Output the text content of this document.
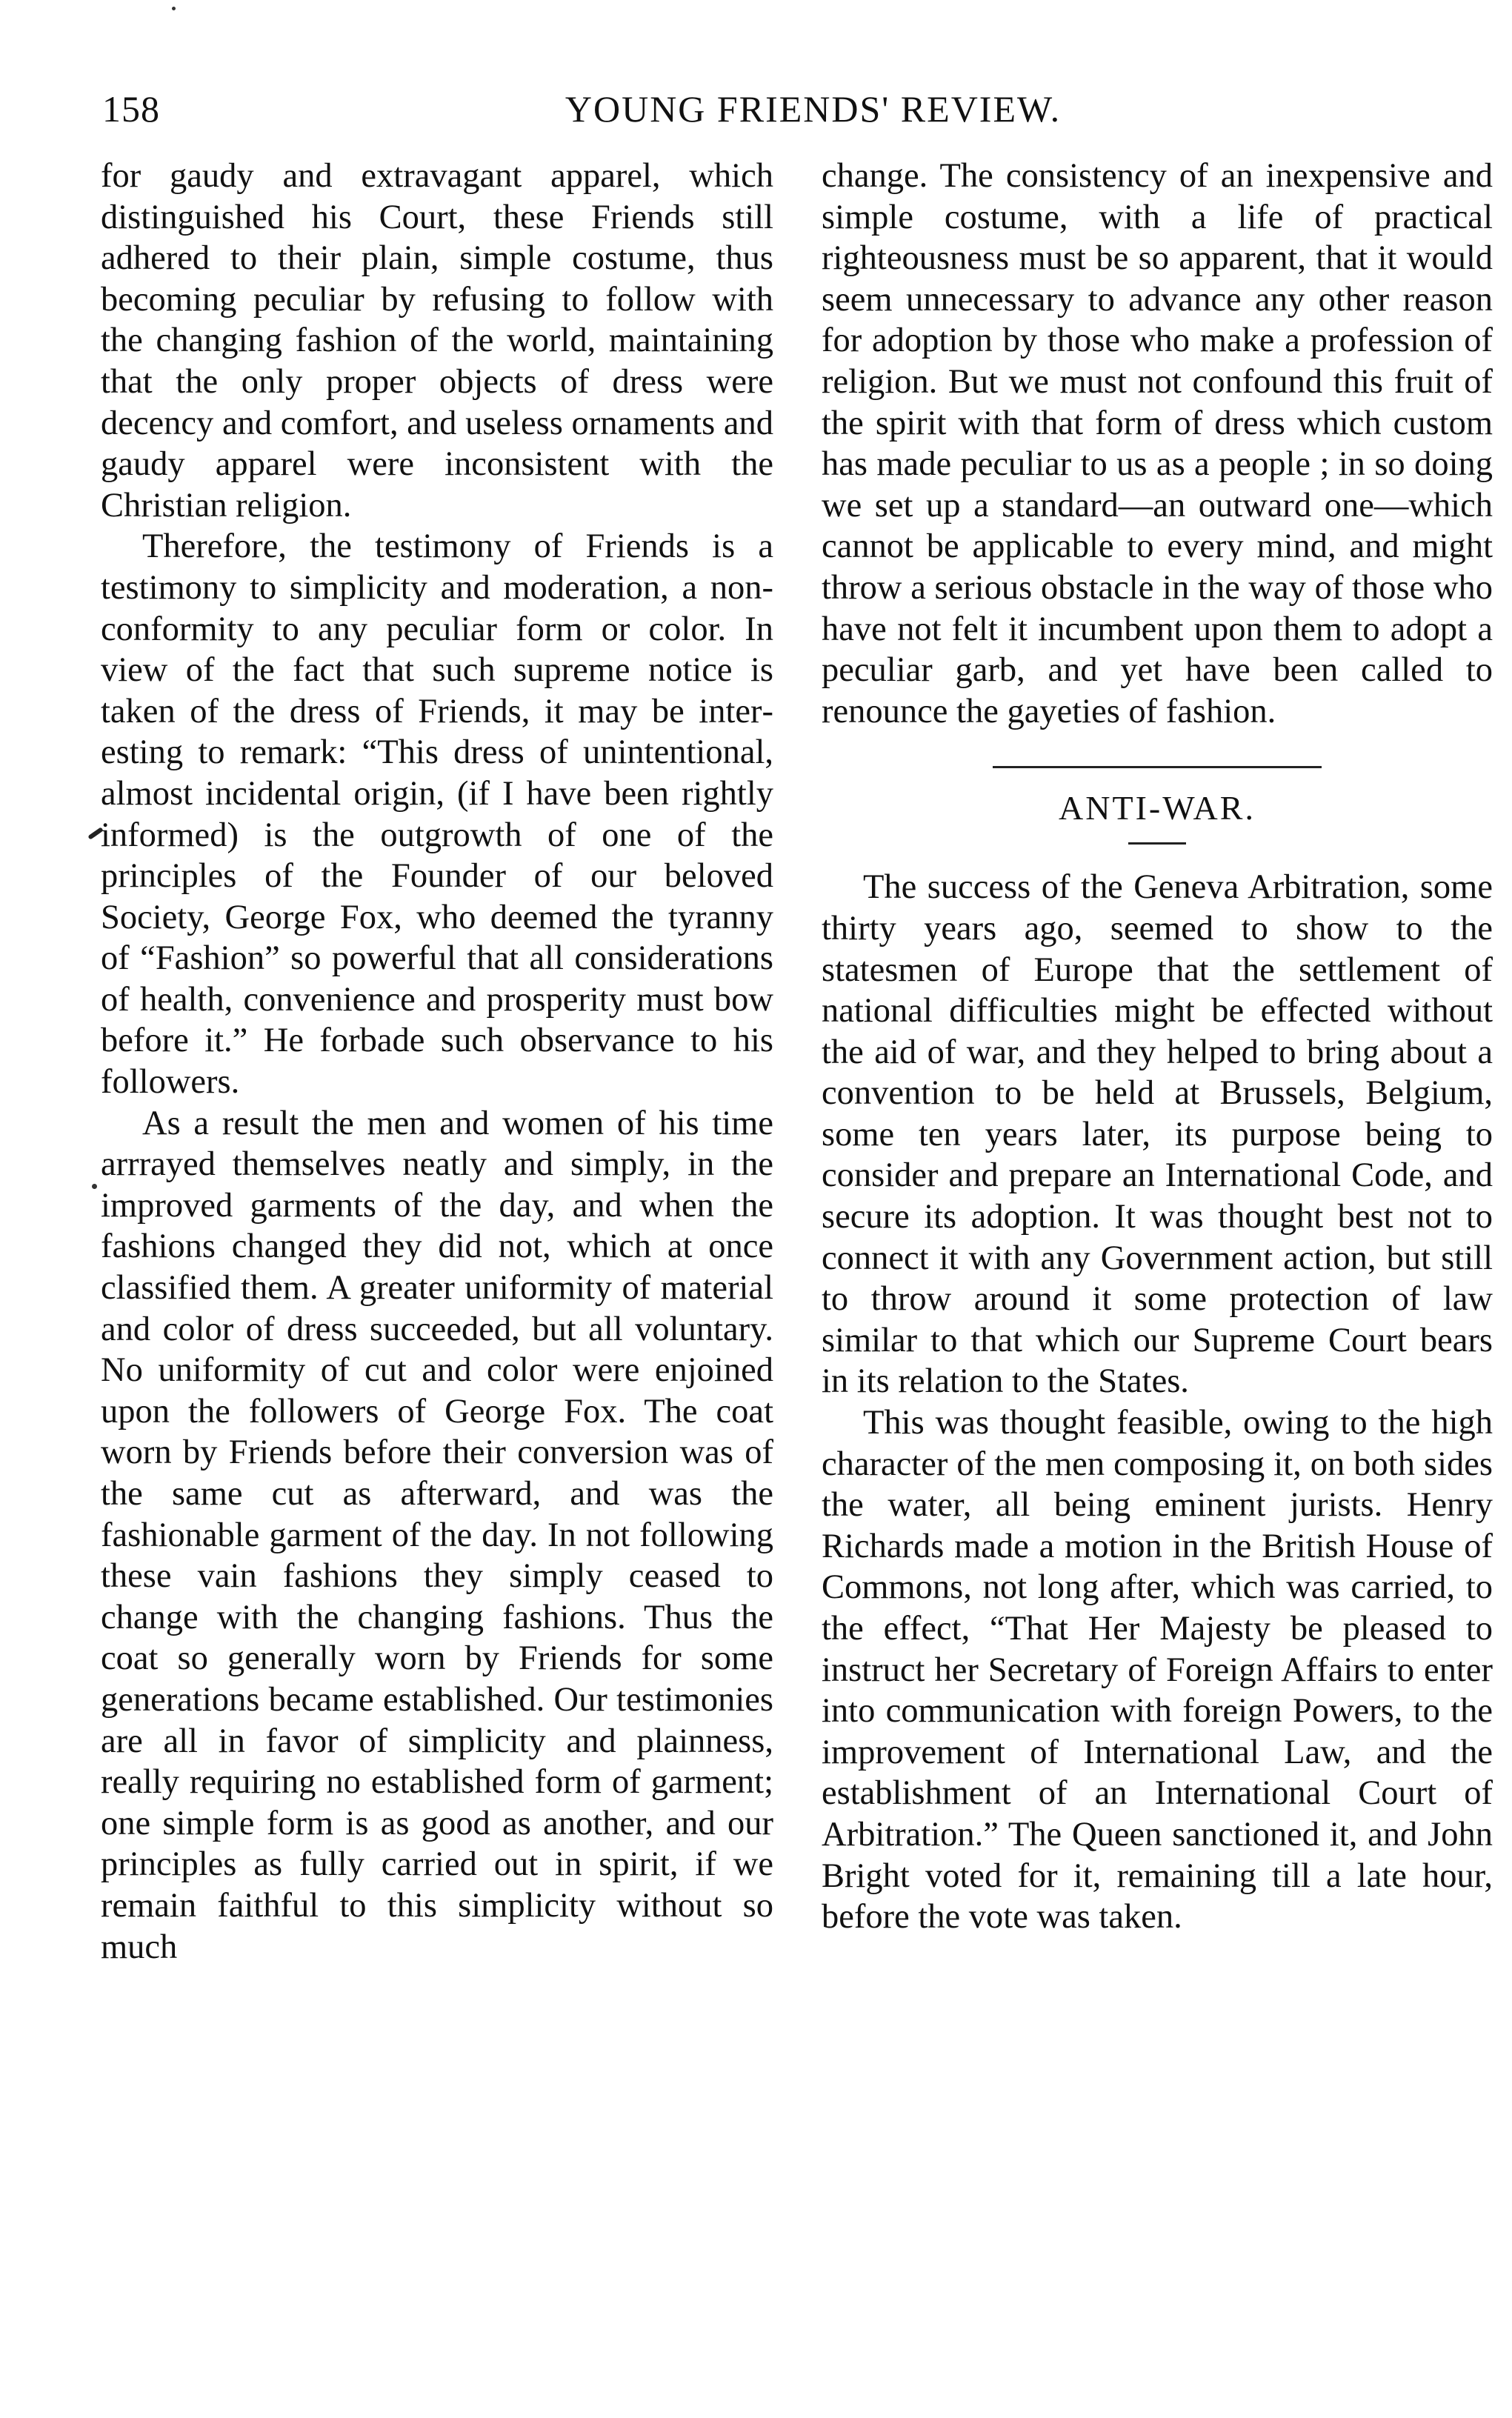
158	YOUNG FRIENDS' REVIEW.

for gaudy and extravagant apparel, which distinguished his Court, these Friends still adhered to their plain, simple costume, thus becoming peculiar by refusing to follow with the changing fashion of the world, maintaining that the only proper objects of dress were decency and comfort, and useless ornaments and gaudy apparel were inconsistent with the Christian religion.

Therefore, the testimony of Friends is a testimony to simplicity and moderation, a non-conformity to any peculiar form or color. In view of the fact that such supreme notice is taken of the dress of Friends, it may be interesting to remark: “This dress of unintentional, almost incidental origin, (if I have been rightly informed) is the outgrowth of one of the principles of the Founder of our beloved Society, George Fox, who deemed the tyranny of “Fashion” so powerful that all considerations of health, convenience and prosperity must bow before it.” He forbade such observance to his followers.

As a result the men and women of his time arrrayed themselves neatly and simply, in the improved garments of the day, and when the fashions changed they did not, which at once classified them. A greater uniformity of material and color of dress succeeded, but all voluntary. No uniformity of cut and color were enjoined upon the followers of George Fox. The coat worn by Friends before their conversion was of the same cut as afterward, and was the fashionable garment of the day. In not following these vain fashions they simply ceased to change with the changing fashions. Thus the coat so generally worn by Friends for some generations became established. Our testimonies are all in favor of simplicity and plainness, really requiring no established form of garment; one simple form is as good as another, and our principles as fully carried out in spirit, if we remain faithful to this simplicity without so much

change. The consistency of an inexpensive and simple costume, with a life of practical righteousness must be so apparent, that it would seem unnecessary to advance any other reason for adoption by those who make a profession of religion. But we must not confound this fruit of the spirit with that form of dress which custom has made peculiar to us as a people ; in so doing we set up a standard—an outward one—which cannot be applicable to every mind, and might throw a serious obstacle in the way of those who have not felt it incumbent upon them to adopt a peculiar garb, and yet have been called to renounce the gayeties of fashion.

ANTI-WAR.

The success of the Geneva Arbitration, some thirty years ago, seemed to show to the statesmen of Europe that the settlement of national difficulties might be effected without the aid of war, and they helped to bring about a convention to be held at Brussels, Belgium, some ten years later, its purpose being to consider and prepare an International Code, and secure its adoption. It was thought best not to connect it with any Government action, but still to throw around it some protection of law similar to that which our Supreme Court bears in its relation to the States.

This was thought feasible, owing to the high character of the men composing it, on both sides the water, all being eminent jurists. Henry Richards made a motion in the British House of Commons, not long after, which was carried, to the effect, “That Her Majesty be pleased to instruct her Secretary of Foreign Affairs to enter into communication with foreign Powers, to the improvement of International Law, and the establishment of an International Court of Arbitration.” The Queen sanctioned it, and John Bright voted for it, remaining till a late hour, before the vote was taken.
